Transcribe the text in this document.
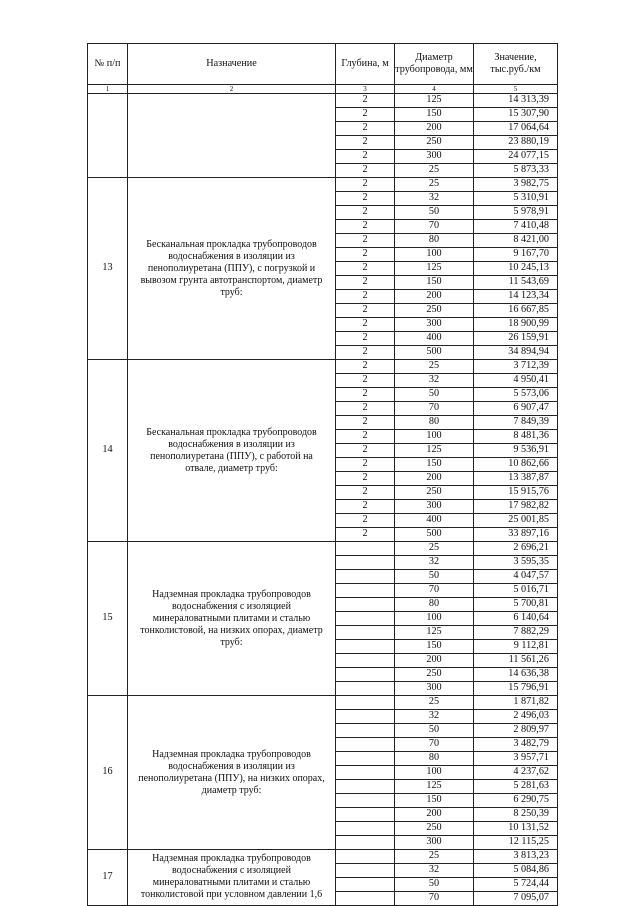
№ п/п	Назначение	Глубина, м	Диаметр трубопровода, мм	Значение, тыс.руб./км
1	2	3	4	5
		2	125	14 313,39
		2	150	15 307,90
		2	200	17 064,64
		2	250	23 880,19
		2	300	24 077,15
		2	25	5 873,33
13	Бесканальная прокладка трубопроводов водоснабжения в изоляции из пенополиуретана (ППУ), с погрузкой и вывозом грунта автотранспортом, диаметр труб:	2	25	3 982,75
		2	32	5 310,91
		2	50	5 978,91
		2	70	7 410,48
		2	80	8 421,00
		2	100	9 167,70
		2	125	10 245,13
		2	150	11 543,69
		2	200	14 123,34
		2	250	16 667,85
		2	300	18 900,99
		2	400	26 159,91
		2	500	34 894,94
14	Бесканальная прокладка трубопроводов водоснабжения в изоляции из пенополиуретана (ППУ), с работой на отвале, диаметр труб:	2	25	3 712,39
		2	32	4 950,41
		2	50	5 573,06
		2	70	6 907,47
		2	80	7 849,39
		2	100	8 481,36
		2	125	9 536,91
		2	150	10 862,66
		2	200	13 387,87
		2	250	15 915,76
		2	300	17 982,82
		2	400	25 001,85
		2	500	33 897,16
15	Надземная прокладка трубопроводов водоснабжения с изоляцией минераловатными плитами и сталью тонколистовой, на низких опорах, диаметр труб:		25	2 696,21
			32	3 595,35
			50	4 047,57
			70	5 016,71
			80	5 700,81
			100	6 140,64
			125	7 882,29
			150	9 112,81
			200	11 561,26
			250	14 636,38
			300	15 796,91
16	Надземная прокладка трубопроводов водоснабжения в изоляции из пенополиуретана (ППУ), на низких опорах, диаметр труб:		25	1 871,82
			32	2 496,03
			50	2 809,97
			70	3 482,79
			80	3 957,71
			100	4 237,62
			125	5 281,63
			150	6 290,75
			200	8 250,39
			250	10 131,52
			300	12 115,25
17	Надземная прокладка трубопроводов водоснабжения с изоляцией минераловатными плитами и сталью тонколистовой при условном давлении 1,6		25	3 813,23
			32	5 084,86
			50	5 724,44
			70	7 095,07
